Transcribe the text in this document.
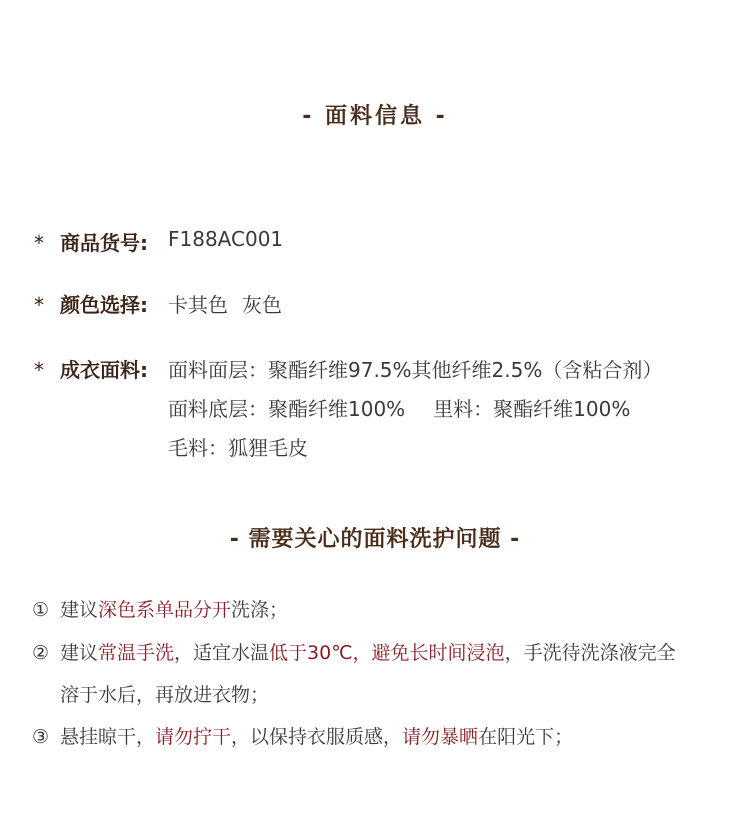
- 面料信息 -
* 商品货号: F188AC001
* 颜色选择: 卡其色 灰色
* 成衣面料: 面料面层：聚酯纤维97.5%其他纤维2.5%（含粘合剂）
面料底层：聚酯纤维100% 里料：聚酯纤维100%
毛料：狐狸毛皮
- 需要关心的面料洗护问题 -
① 建议深色系单品分开洗涤；
② 建议常温手洗，适宜水温低于30℃，避免长时间浸泡，手洗待洗涤液完全
溶于水后，再放进衣物；
③ 悬挂晾干，请勿拧干，以保持衣服质感，请勿暴晒在阳光下；
